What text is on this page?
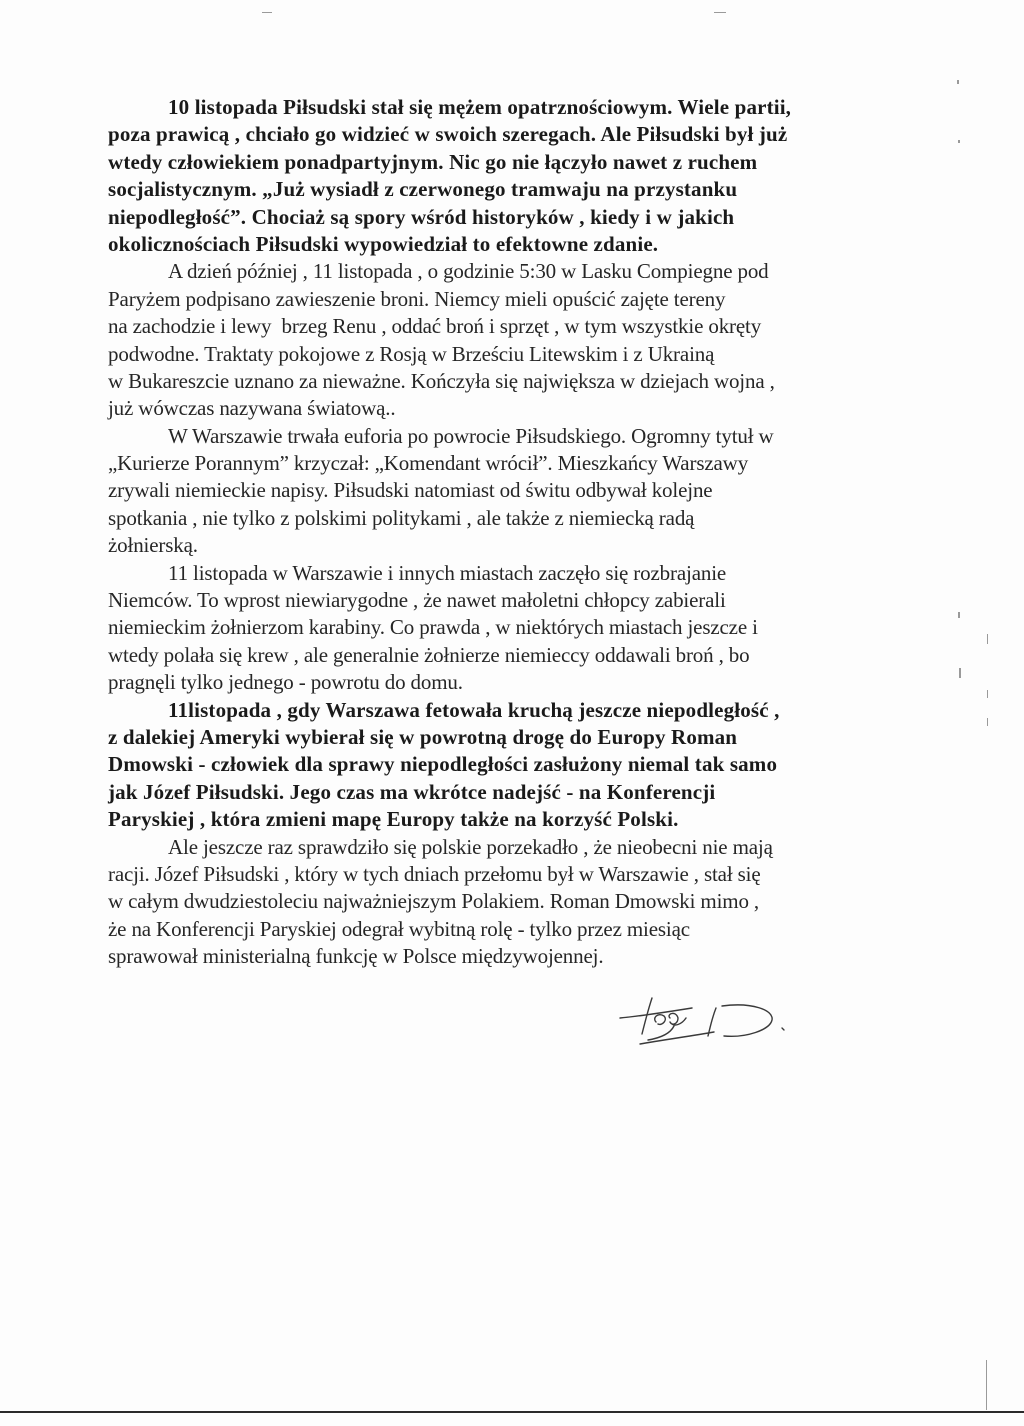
10 listopada Piłsudski stał się mężem opatrznościowym. Wiele partii,
poza prawicą , chciało go widzieć w swoich szeregach. Ale Piłsudski był już
wtedy człowiekiem ponadpartyjnym. Nic go nie łączyło nawet z ruchem
socjalistycznym. „Już wysiadł z czerwonego tramwaju na przystanku
niepodległość”. Chociaż są spory wśród historyków , kiedy i w jakich
okolicznościach Piłsudski wypowiedział to efektowne zdanie.
A dzień później , 11 listopada , o godzinie 5:30 w Lasku Compiegne pod
Paryżem podpisano zawieszenie broni. Niemcy mieli opuścić zajęte tereny
na zachodzie i lewy  brzeg Renu , oddać broń i sprzęt , w tym wszystkie okręty
podwodne. Traktaty pokojowe z Rosją w Brześciu Litewskim i z Ukrainą
w Bukareszcie uznano za nieważne. Kończyła się największa w dziejach wojna ,
już wówczas nazywana światową..
W Warszawie trwała euforia po powrocie Piłsudskiego. Ogromny tytuł w
„Kurierze Porannym” krzyczał: „Komendant wrócił”. Mieszkańcy Warszawy
zrywali niemieckie napisy. Piłsudski natomiast od świtu odbywał kolejne
spotkania , nie tylko z polskimi politykami , ale także z niemiecką radą
żołnierską.
11 listopada w Warszawie i innych miastach zaczęło się rozbrajanie
Niemców. To wprost niewiarygodne , że nawet małoletni chłopcy zabierali
niemieckim żołnierzom karabiny. Co prawda , w niektórych miastach jeszcze i
wtedy polała się krew , ale generalnie żołnierze niemieccy oddawali broń , bo
pragnęli tylko jednego - powrotu do domu.
11listopada , gdy Warszawa fetowała kruchą jeszcze niepodległość ,
z dalekiej Ameryki wybierał się w powrotną drogę do Europy Roman
Dmowski - człowiek dla sprawy niepodległości zasłużony niemal tak samo
jak Józef Piłsudski. Jego czas ma wkrótce nadejść - na Konferencji
Paryskiej , która zmieni mapę Europy także na korzyść Polski.
Ale jeszcze raz sprawdziło się polskie porzekadło , że nieobecni nie mają
racji. Józef Piłsudski , który w tych dniach przełomu był w Warszawie , stał się
w całym dwudziestoleciu najważniejszym Polakiem. Roman Dmowski mimo ,
że na Konferencji Paryskiej odegrał wybitną rolę - tylko przez miesiąc
sprawował ministerialną funkcję w Polsce międzywojennej.
